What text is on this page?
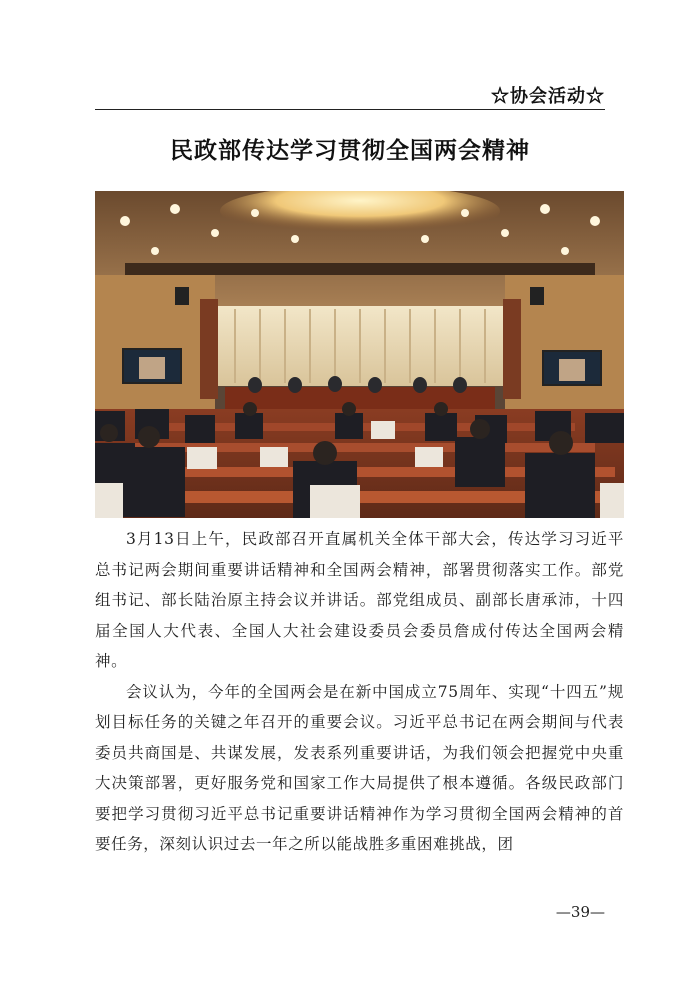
☆协会活动☆
民政部传达学习贯彻全国两会精神

3月13日上午，民政部召开直属机关全体干部大会，传达学习习近平总书记两会期间重要讲话精神和全国两会精神，部署贯彻落实工作。部党组书记、部长陆治原主持会议并讲话。部党组成员、副部长唐承沛，十四届全国人大代表、全国人大社会建设委员会委员詹成付传达全国两会精神。

会议认为，今年的全国两会是在新中国成立75周年、实现“十四五”规划目标任务的关键之年召开的重要会议。习近平总书记在两会期间与代表委员共商国是、共谋发展，发表系列重要讲话，为我们领会把握党中央重大决策部署，更好服务党和国家工作大局提供了根本遵循。各级民政部门要把学习贯彻习近平总书记重要讲话精神作为学习贯彻全国两会精神的首要任务，深刻认识过去一年之所以能战胜多重困难挑战，团

—39—
